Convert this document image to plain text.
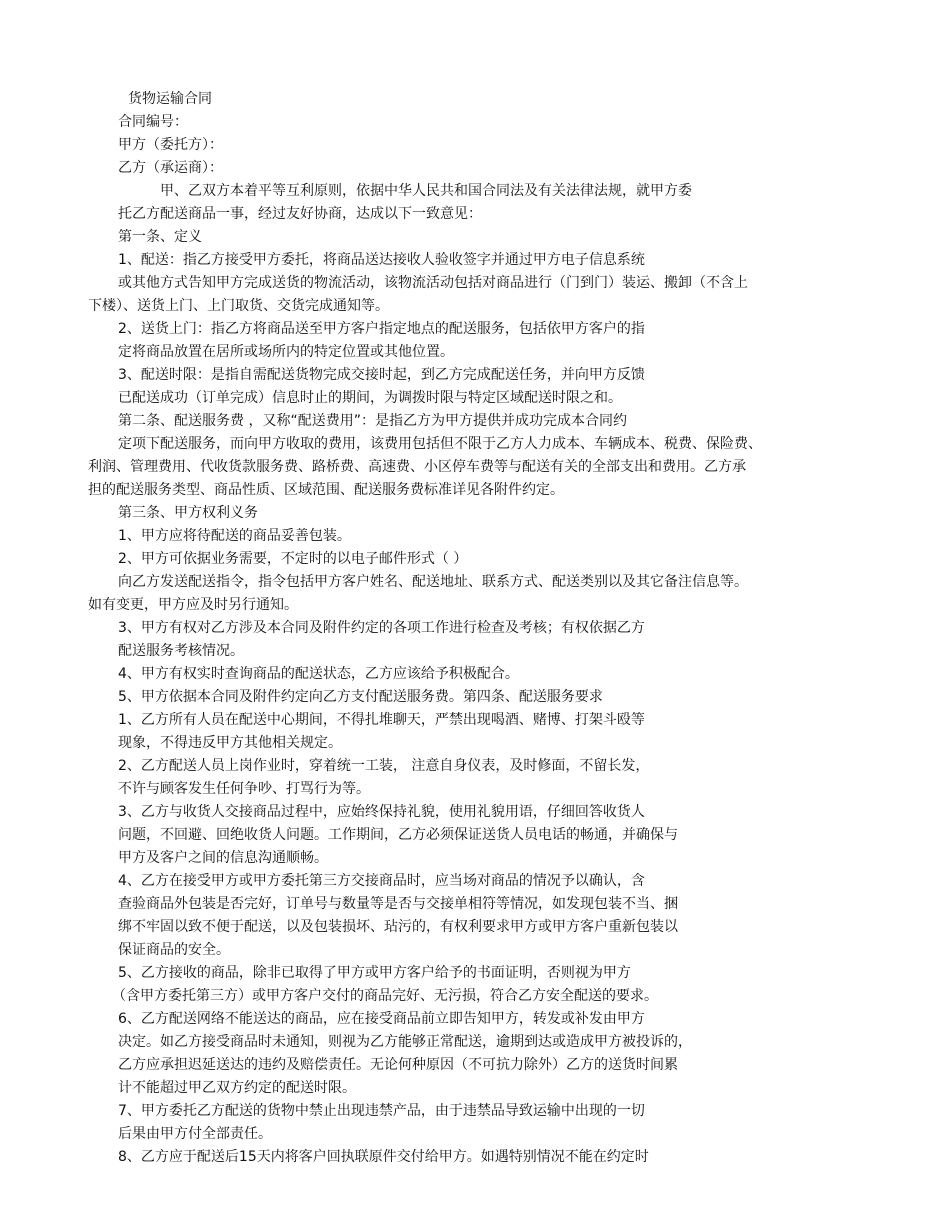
货物运输合同
合同编号：
甲方（委托方）：
乙方（承运商）：
甲、乙双方本着平等互利原则，依据中华人民共和国合同法及有关法律法规，就甲方委
托乙方配送商品一事，经过友好协商，达成以下一致意见：
第一条、定义
1、配送：指乙方接受甲方委托，将商品送达接收人验收签字并通过甲方电子信息系统
或其他方式告知甲方完成送货的物流活动，该物流活动包括对商品进行（门到门）装运、搬卸（不含上
下楼）、送货上门、上门取货、交货完成通知等。
2、送货上门：指乙方将商品送至甲方客户指定地点的配送服务，包括依甲方客户的指
定将商品放置在居所或场所内的特定位置或其他位置。
3、配送时限：是指自需配送货物完成交接时起，到乙方完成配送任务，并向甲方反馈
已配送成功（订单完成）信息时止的期间，为调拨时限与特定区域配送时限之和。
第二条、配送服务费 ，又称“配送费用”：是指乙方为甲方提供并成功完成本合同约
定项下配送服务，而向甲方收取的费用，该费用包括但不限于乙方人力成本、车辆成本、税费、保险费、
利润、管理费用、代收货款服务费、路桥费、高速费、小区停车费等与配送有关的全部支出和费用。乙方承
担的配送服务类型、商品性质、区域范围、配送服务费标准详见各附件约定。
第三条、甲方权利义务
1、甲方应将待配送的商品妥善包装。
2、甲方可依据业务需要，不定时的以电子邮件形式（ ）
向乙方发送配送指令，指令包括甲方客户姓名、配送地址、联系方式、配送类别以及其它备注信息等。
如有变更，甲方应及时另行通知。
3、甲方有权对乙方涉及本合同及附件约定的各项工作进行检查及考核；有权依据乙方
配送服务考核情况。
4、甲方有权实时查询商品的配送状态，乙方应该给予积极配合。
5、甲方依据本合同及附件约定向乙方支付配送服务费。第四条、配送服务要求
1、乙方所有人员在配送中心期间，不得扎堆聊天，严禁出现喝酒、赌博、打架斗殴等
现象，不得违反甲方其他相关规定。
2、乙方配送人员上岗作业时，穿着统一工装， 注意自身仪表，及时修面，不留长发，
不许与顾客发生任何争吵、打骂行为等。
3、乙方与收货人交接商品过程中，应始终保持礼貌，使用礼貌用语，仔细回答收货人
问题，不回避、回绝收货人问题。工作期间，乙方必须保证送货人员电话的畅通，并确保与
甲方及客户之间的信息沟通顺畅。
4、乙方在接受甲方或甲方委托第三方交接商品时，应当场对商品的情况予以确认，含
查验商品外包装是否完好，订单号与数量等是否与交接单相符等情况，如发现包装不当、捆
绑不牢固以致不便于配送，以及包装损坏、玷污的，有权利要求甲方或甲方客户重新包装以
保证商品的安全。
5、乙方接收的商品，除非已取得了甲方或甲方客户给予的书面证明，否则视为甲方
（含甲方委托第三方）或甲方客户交付的商品完好、无污损，符合乙方安全配送的要求。
6、乙方配送网络不能送达的商品，应在接受商品前立即告知甲方，转发或补发由甲方
决定。如乙方接受商品时未通知，则视为乙方能够正常配送，逾期到达或造成甲方被投诉的，
乙方应承担迟延送达的违约及赔偿责任。无论何种原因（不可抗力除外）乙方的送货时间累
计不能超过甲乙双方约定的配送时限。
7、甲方委托乙方配送的货物中禁止出现违禁产品，由于违禁品导致运输中出现的一切
后果由甲方付全部责任。
8、乙方应于配送后15天内将客户回执联原件交付给甲方。如遇特别情况不能在约定时
